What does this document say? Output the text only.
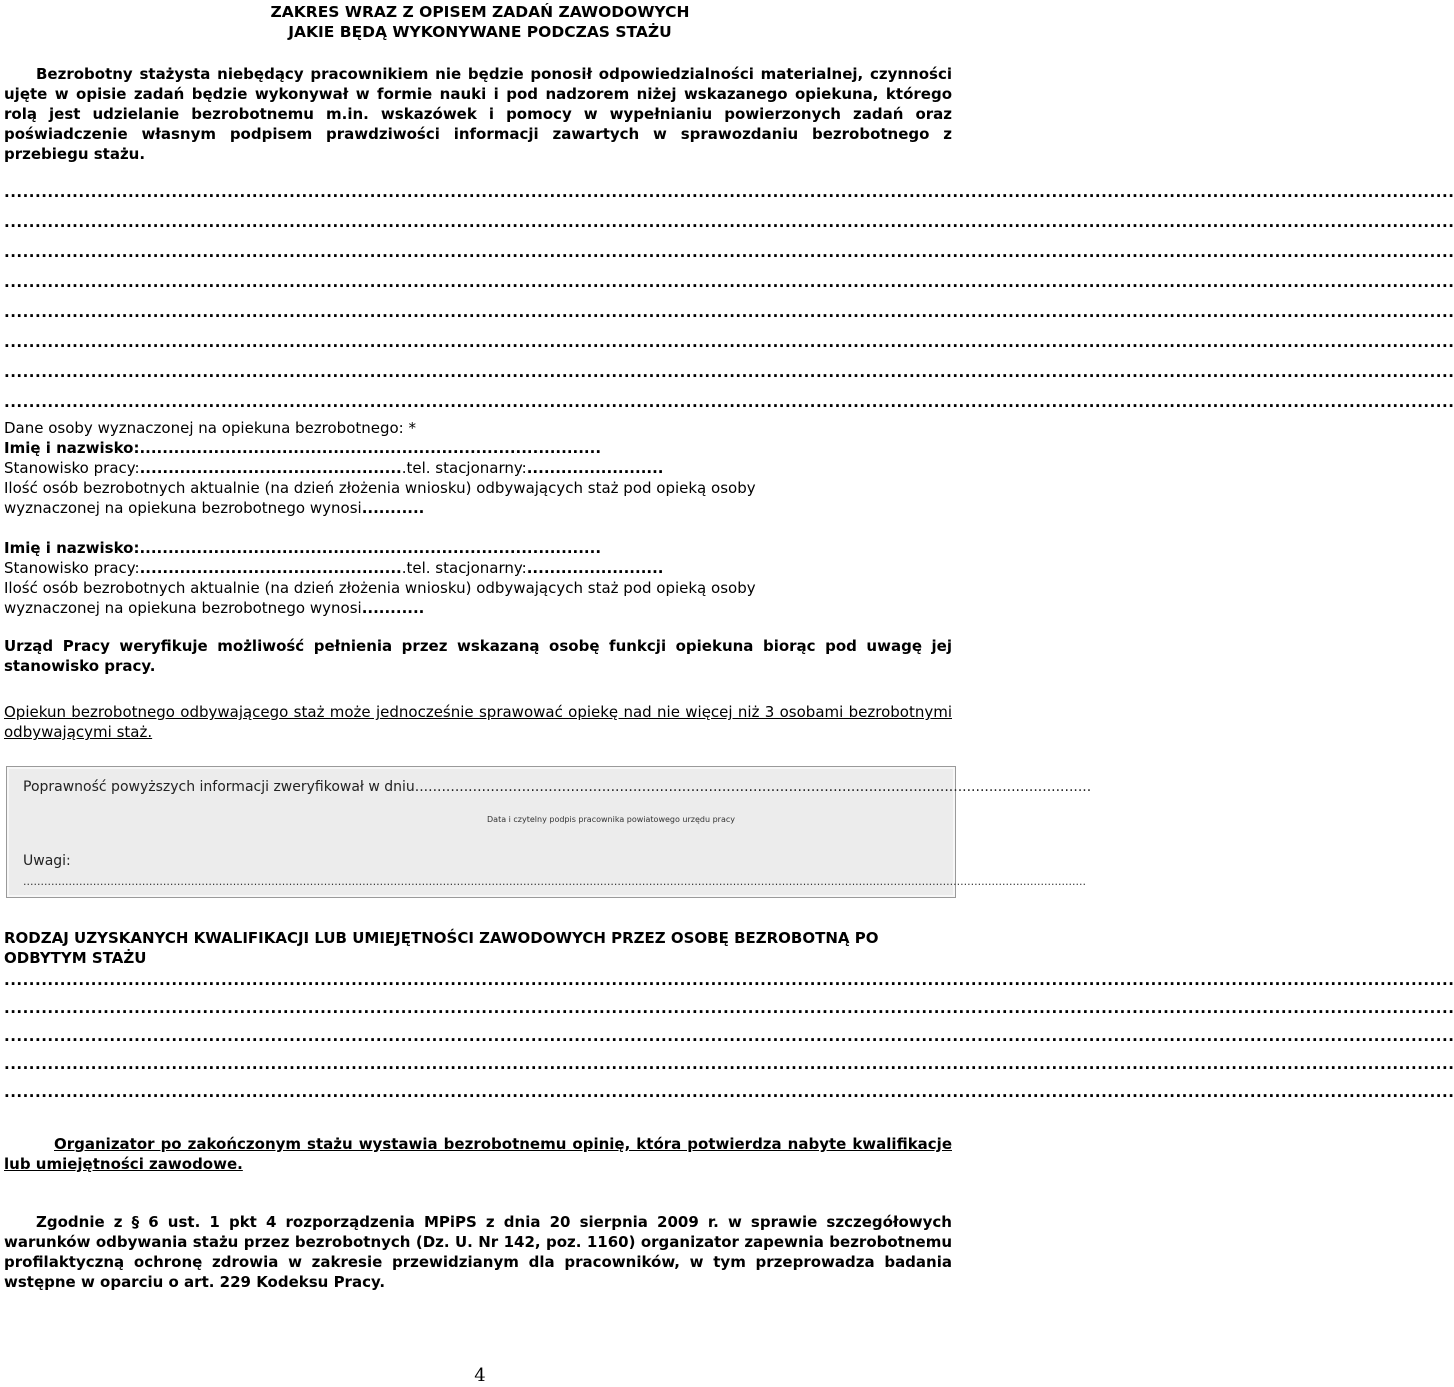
ZAKRES WRAZ Z OPISEM ZADAŃ ZAWODOWYCH
JAKIE BĘDĄ WYKONYWANE PODCZAS STAŻU
Bezrobotny stażysta niebędący pracownikiem nie będzie ponosił odpowiedzialności materialnej, czynności ujęte w opisie zadań będzie wykonywał w formie nauki i pod nadzorem niżej wskazanego opiekuna, którego rolą jest udzielanie bezrobotnemu m.in. wskazówek i pomocy w wypełnianiu powierzonych zadań oraz poświadczenie własnym podpisem prawdziwości informacji zawartych w sprawozdaniu bezrobotnego z przebiegu stażu.
..........................................................................................................................................................................................................................................
..........................................................................................................................................................................................................................................
..........................................................................................................................................................................................................................................
..........................................................................................................................................................................................................................................
..........................................................................................................................................................................................................................................
..........................................................................................................................................................................................................................................
..........................................................................................................................................................................................................................................
..........................................................................................................................................................................................................................................
Dane osoby wyznaczonej na opiekuna bezrobotnego: *
Imię i nazwisko:.................................................................................
Stanowisko pracy:...............................................tel. stacjonarny:........................
Ilość osób bezrobotnych aktualnie (na dzień złożenia wniosku) odbywających staż pod opieką osoby
wyznaczonej na opiekuna bezrobotnego wynosi...........
Imię i nazwisko:.................................................................................
Stanowisko pracy:...............................................tel. stacjonarny:........................
Ilość osób bezrobotnych aktualnie (na dzień złożenia wniosku) odbywających staż pod opieką osoby
wyznaczonej na opiekuna bezrobotnego wynosi...........
Urząd Pracy weryfikuje możliwość pełnienia przez wskazaną osobę funkcji opiekuna biorąc pod uwagę jej stanowisko pracy.
Opiekun bezrobotnego odbywającego staż może jednocześnie sprawować opiekę nad nie więcej niż 3 osobami bezrobotnymi odbywającymi staż.
Poprawność powyższych informacji zweryfikował w dniu........................................................................................................................................................
Data i czytelny podpis pracownika powiatowego urzędu pracy
Uwagi:
................................................................................................................................................................................................................................................................................................................
RODZAJ UZYSKANYCH KWALIFIKACJI LUB UMIEJĘTNOŚCI ZAWODOWYCH PRZEZ OSOBĘ BEZROBOTNĄ PO ODBYTYM STAŻU
..........................................................................................................................................................................................................................................
..........................................................................................................................................................................................................................................
..........................................................................................................................................................................................................................................
..........................................................................................................................................................................................................................................
..........................................................................................................................................................................................................................................
Organizator po zakończonym stażu wystawia bezrobotnemu opinię, która potwierdza nabyte kwalifikacje lub umiejętności zawodowe.
Zgodnie z § 6 ust. 1 pkt 4 rozporządzenia MPiPS z dnia 20 sierpnia 2009 r. w sprawie szczegółowych warunków odbywania stażu przez bezrobotnych (Dz. U. Nr 142, poz. 1160) organizator zapewnia bezrobotnemu profilaktyczną ochronę zdrowia w zakresie przewidzianym dla pracowników, w tym przeprowadza badania wstępne w oparciu o art. 229 Kodeksu Pracy.
4
